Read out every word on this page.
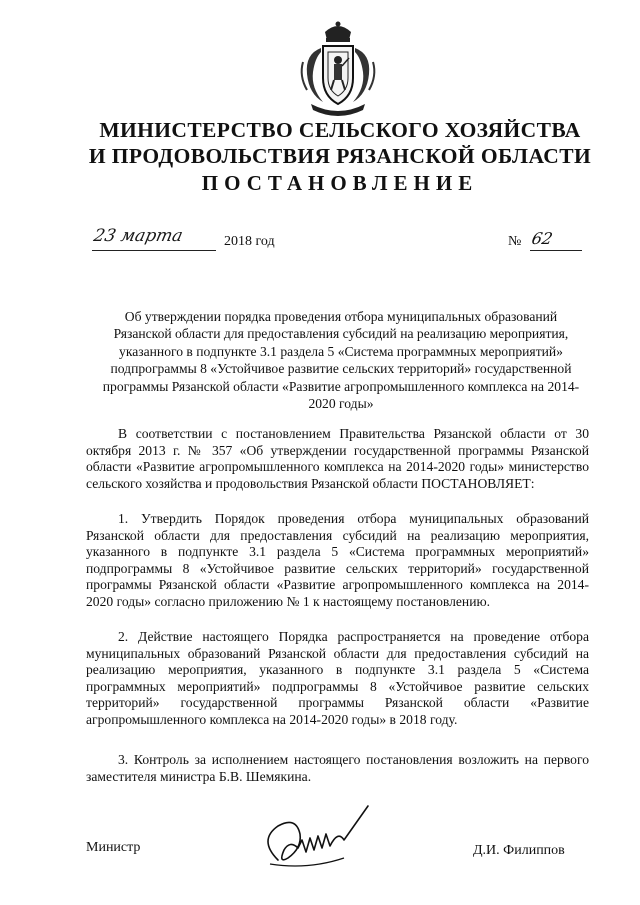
МИНИСТЕРСТВО СЕЛЬСКОГО ХОЗЯЙСТВА
И ПРОДОВОЛЬСТВИЯ РЯЗАНСКОЙ ОБЛАСТИ
ПОСТАНОВЛЕНИЕ
23 марта	2018 год	№ 62
Об утверждении порядка проведения отбора муниципальных образований Рязанской области для предоставления субсидий на реализацию мероприятия, указанного в подпункте 3.1 раздела 5 «Система программных мероприятий» подпрограммы 8 «Устойчивое развитие сельских территорий» государственной программы Рязанской области «Развитие агропромышленного комплекса на 2014-2020 годы»

В соответствии с постановлением Правительства Рязанской области от 30 октября 2013 г. № 357 «Об утверждении государственной программы Рязанской области «Развитие агропромышленного комплекса на 2014-2020 годы» министерство сельского хозяйства и продовольствия Рязанской области ПОСТАНОВЛЯЕТ:

1. Утвердить Порядок проведения отбора муниципальных образований Рязанской области для предоставления субсидий на реализацию мероприятия, указанного в подпункте 3.1 раздела 5 «Система программных мероприятий» подпрограммы 8 «Устойчивое развитие сельских территорий» государственной программы Рязанской области «Развитие агропромышленного комплекса на 2014-2020 годы» согласно приложению № 1 к настоящему постановлению.

2. Действие настоящего Порядка распространяется на проведение отбора муниципальных образований Рязанской области для предоставления субсидий на реализацию мероприятия, указанного в подпункте 3.1 раздела 5 «Система программных мероприятий» подпрограммы 8 «Устойчивое развитие сельских территорий» государственной программы Рязанской области «Развитие агропромышленного комплекса на 2014-2020 годы» в 2018 году.

3. Контроль за исполнением настоящего постановления возложить на первого заместителя министра Б.В. Шемякина.

Министр	Д.И. Филиппов
